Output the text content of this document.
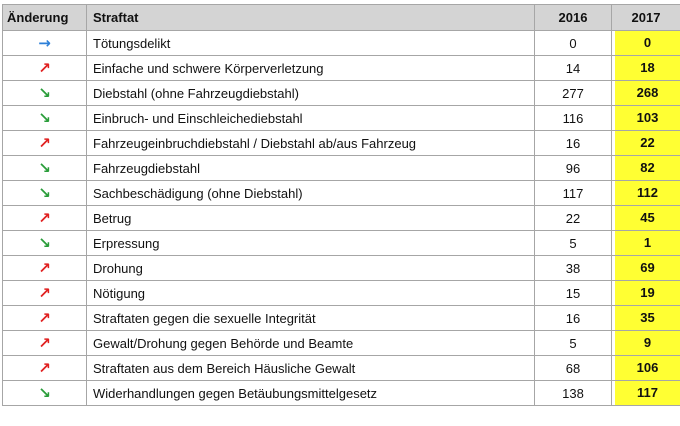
Änderung	Straftat	2016	2017
→	Tötungsdelikt	0	0

↗	Einfache und schwere Körperverletzung	14	18

↘	Diebstahl (ohne Fahrzeugdiebstahl)	277	268

↘	Einbruch- und Einschleichediebstahl	116	103

↗	Fahrzeugeinbruchdiebstahl / Diebstahl ab/aus Fahrzeug	16	22

↘	Fahrzeugdiebstahl	96	82

↘	Sachbeschädigung (ohne Diebstahl)	117	112

↗	Betrug	22	45

↘	Erpressung	5	1

↗	Drohung	38	69

↗	Nötigung	15	19

↗	Straftaten gegen die sexuelle Integrität	16	35

↗	Gewalt/Drohung gegen Behörde und Beamte	5	9

↗	Straftaten aus dem Bereich Häusliche Gewalt	68	106

↘	Widerhandlungen gegen Betäubungsmittelgesetz	138	117
